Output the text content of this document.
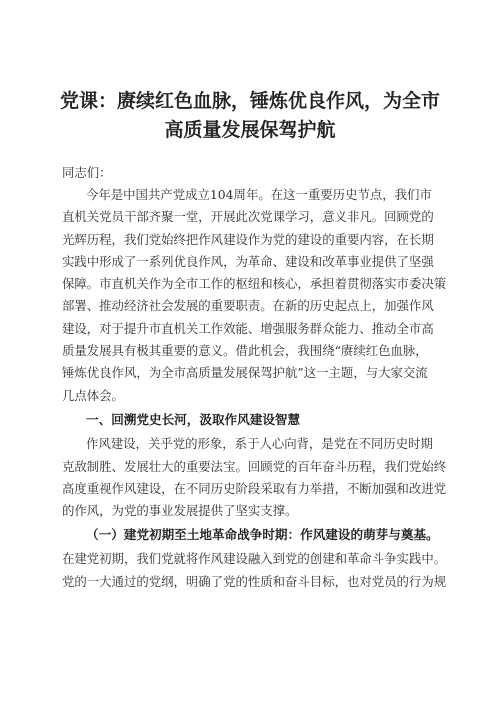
党课：赓续红色血脉，锤炼优良作风，为全市
高质量发展保驾护航

同志们：

今年是中国共产党成立104周年。在这一重要历史节点，我们市

直机关党员干部齐聚一堂，开展此次党课学习，意义非凡。回顾党的

光辉历程，我们党始终把作风建设作为党的建设的重要内容，在长期

实践中形成了一系列优良作风，为革命、建设和改革事业提供了坚强

保障。市直机关作为全市工作的枢纽和核心，承担着贯彻落实市委决策

部署、推动经济社会发展的重要职责。在新的历史起点上，加强作风

建设，对于提升市直机关工作效能、增强服务群众能力、推动全市高

质量发展具有极其重要的意义。借此机会，我围绕“赓续红色血脉，

锤炼优良作风，为全市高质量发展保驾护航”这一主题，与大家交流

几点体会。

一、回溯党史长河，汲取作风建设智慧

作风建设，关乎党的形象，系于人心向背，是党在不同历史时期

克敌制胜、发展壮大的重要法宝。回顾党的百年奋斗历程，我们党始终

高度重视作风建设，在不同历史阶段采取有力举措，不断加强和改进党

的作风，为党的事业发展提供了坚实支撑。

（一）建党初期至土地革命战争时期：作风建设的萌芽与奠基。

在建党初期，我们党就将作风建设融入到党的创建和革命斗争实践中。

党的一大通过的党纲，明确了党的性质和奋斗目标，也对党员的行为规
